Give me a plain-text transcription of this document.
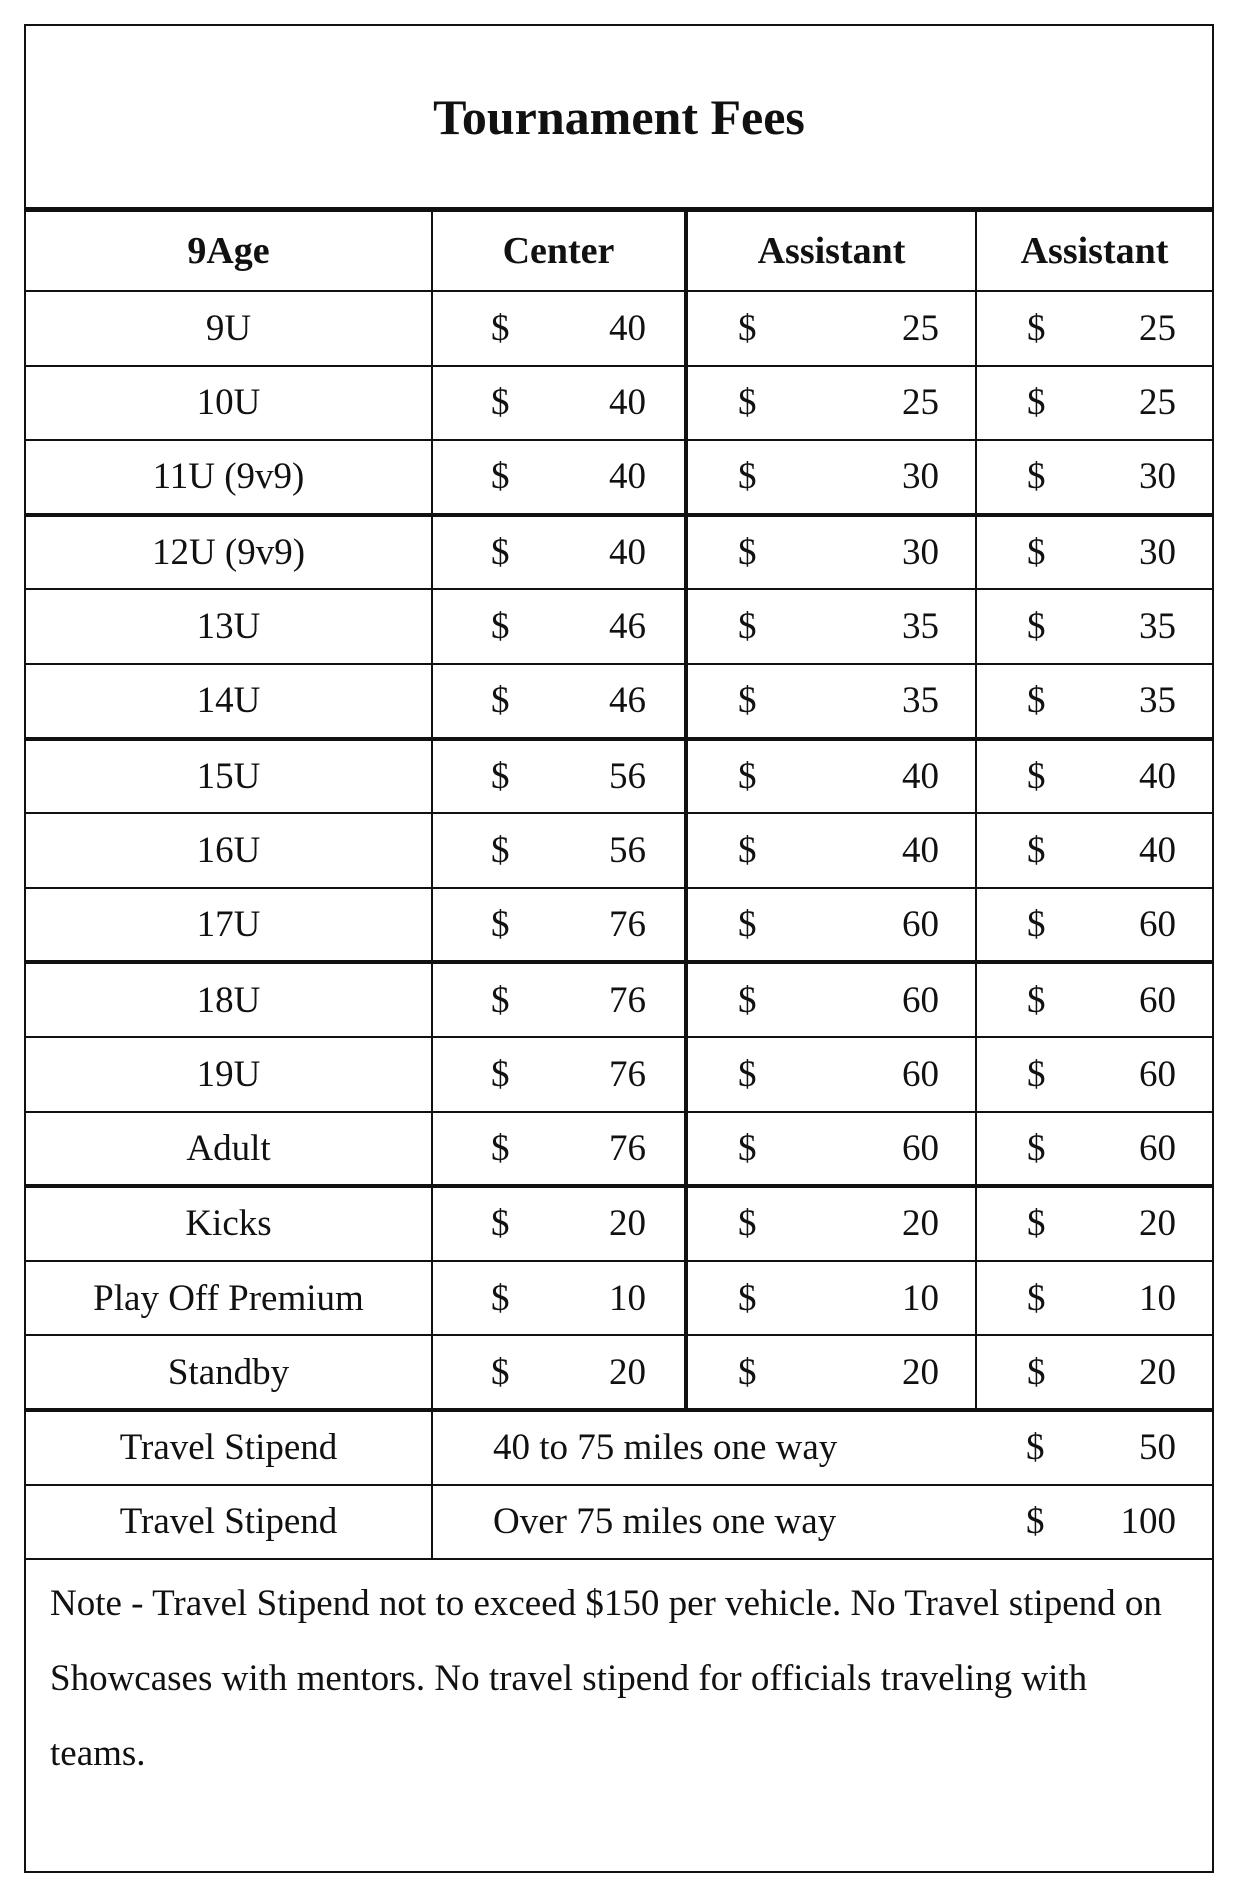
Tournament Fees
9Age	Center	Assistant	Assistant
9U	$ 40	$ 25	$ 25

10U	$ 40	$ 25	$ 25

11U (9v9)	$ 40	$ 30	$ 30

12U (9v9)	$ 40	$ 30	$ 30

13U	$ 46	$ 35	$ 35

14U	$ 46	$ 35	$ 35

15U	$ 56	$ 40	$ 40

16U	$ 56	$ 40	$ 40

17U	$ 76	$ 60	$ 60

18U	$ 76	$ 60	$ 60

19U	$ 76	$ 60	$ 60

Adult	$ 76	$ 60	$ 60

Kicks	$ 20	$ 20	$ 20

Play Off Premium	$ 10	$ 10	$ 10

Standby	$ 20	$ 20	$ 20

Travel Stipend	40 to 75 miles one way		$ 50

Travel Stipend	Over 75 miles one way		$ 100
Note - Travel Stipend not to exceed $150 per vehicle. No Travel stipend on Showcases with mentors. No travel stipend for officials traveling with teams.
